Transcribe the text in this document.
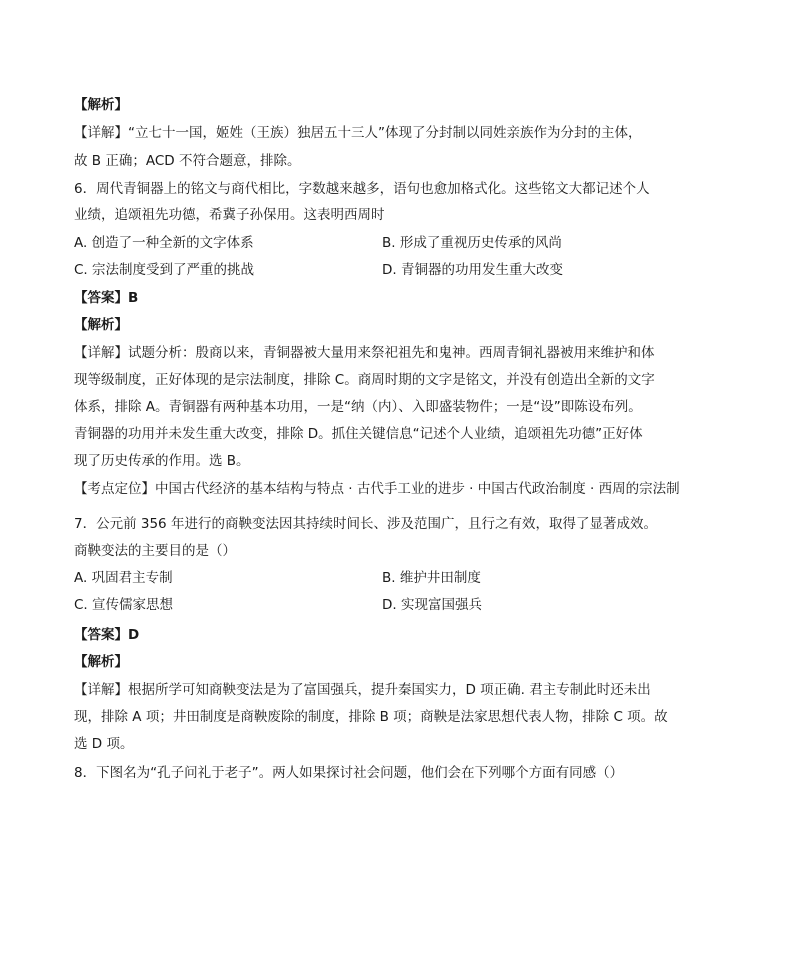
【解析】
【详解】“立七十一国，姬姓（王族）独居五十三人”体现了分封制以同姓亲族作为分封的主体，
故 B 正确；ACD 不符合题意，排除。
6．周代青铜器上的铭文与商代相比，字数越来越多，语句也愈加格式化。这些铭文大都记述个人
业绩，追颂祖先功德，希冀子孙保用。这表明西周时
A. 创造了一种全新的文字体系	B. 形成了重视历史传承的风尚
C. 宗法制度受到了严重的挑战	D. 青铜器的功用发生重大改变
【答案】B
【解析】
【详解】试题分析：殷商以来，青铜器被大量用来祭祀祖先和鬼神。西周青铜礼器被用来维护和体
现等级制度，正好体现的是宗法制度，排除 C。商周时期的文字是铭文，并没有创造出全新的文字
体系，排除 A。青铜器有两种基本功用，一是“纳（内）、入即盛装物件；一是“设”即陈设布列。
青铜器的功用并未发生重大改变，排除 D。抓住关键信息“记述个人业绩，追颂祖先功德”正好体
现了历史传承的作用。选 B。
【考点定位】中国古代经济的基本结构与特点 · 古代手工业的进步 · 中国古代政治制度 · 西周的宗法制
7．公元前 356 年进行的商鞅变法因其持续时间长、涉及范围广，且行之有效，取得了显著成效。
商鞅变法的主要目的是（）
A. 巩固君主专制	B. 维护井田制度
C. 宣传儒家思想	D. 实现富国强兵
【答案】D
【解析】
【详解】根据所学可知商鞅变法是为了富国强兵，提升秦国实力，D 项正确. 君主专制此时还未出
现，排除 A 项；井田制度是商鞅废除的制度，排除 B 项；商鞅是法家思想代表人物，排除 C 项。故
选 D 项。
8．下图名为“孔子问礼于老子”。两人如果探讨社会问题，他们会在下列哪个方面有同感（）
